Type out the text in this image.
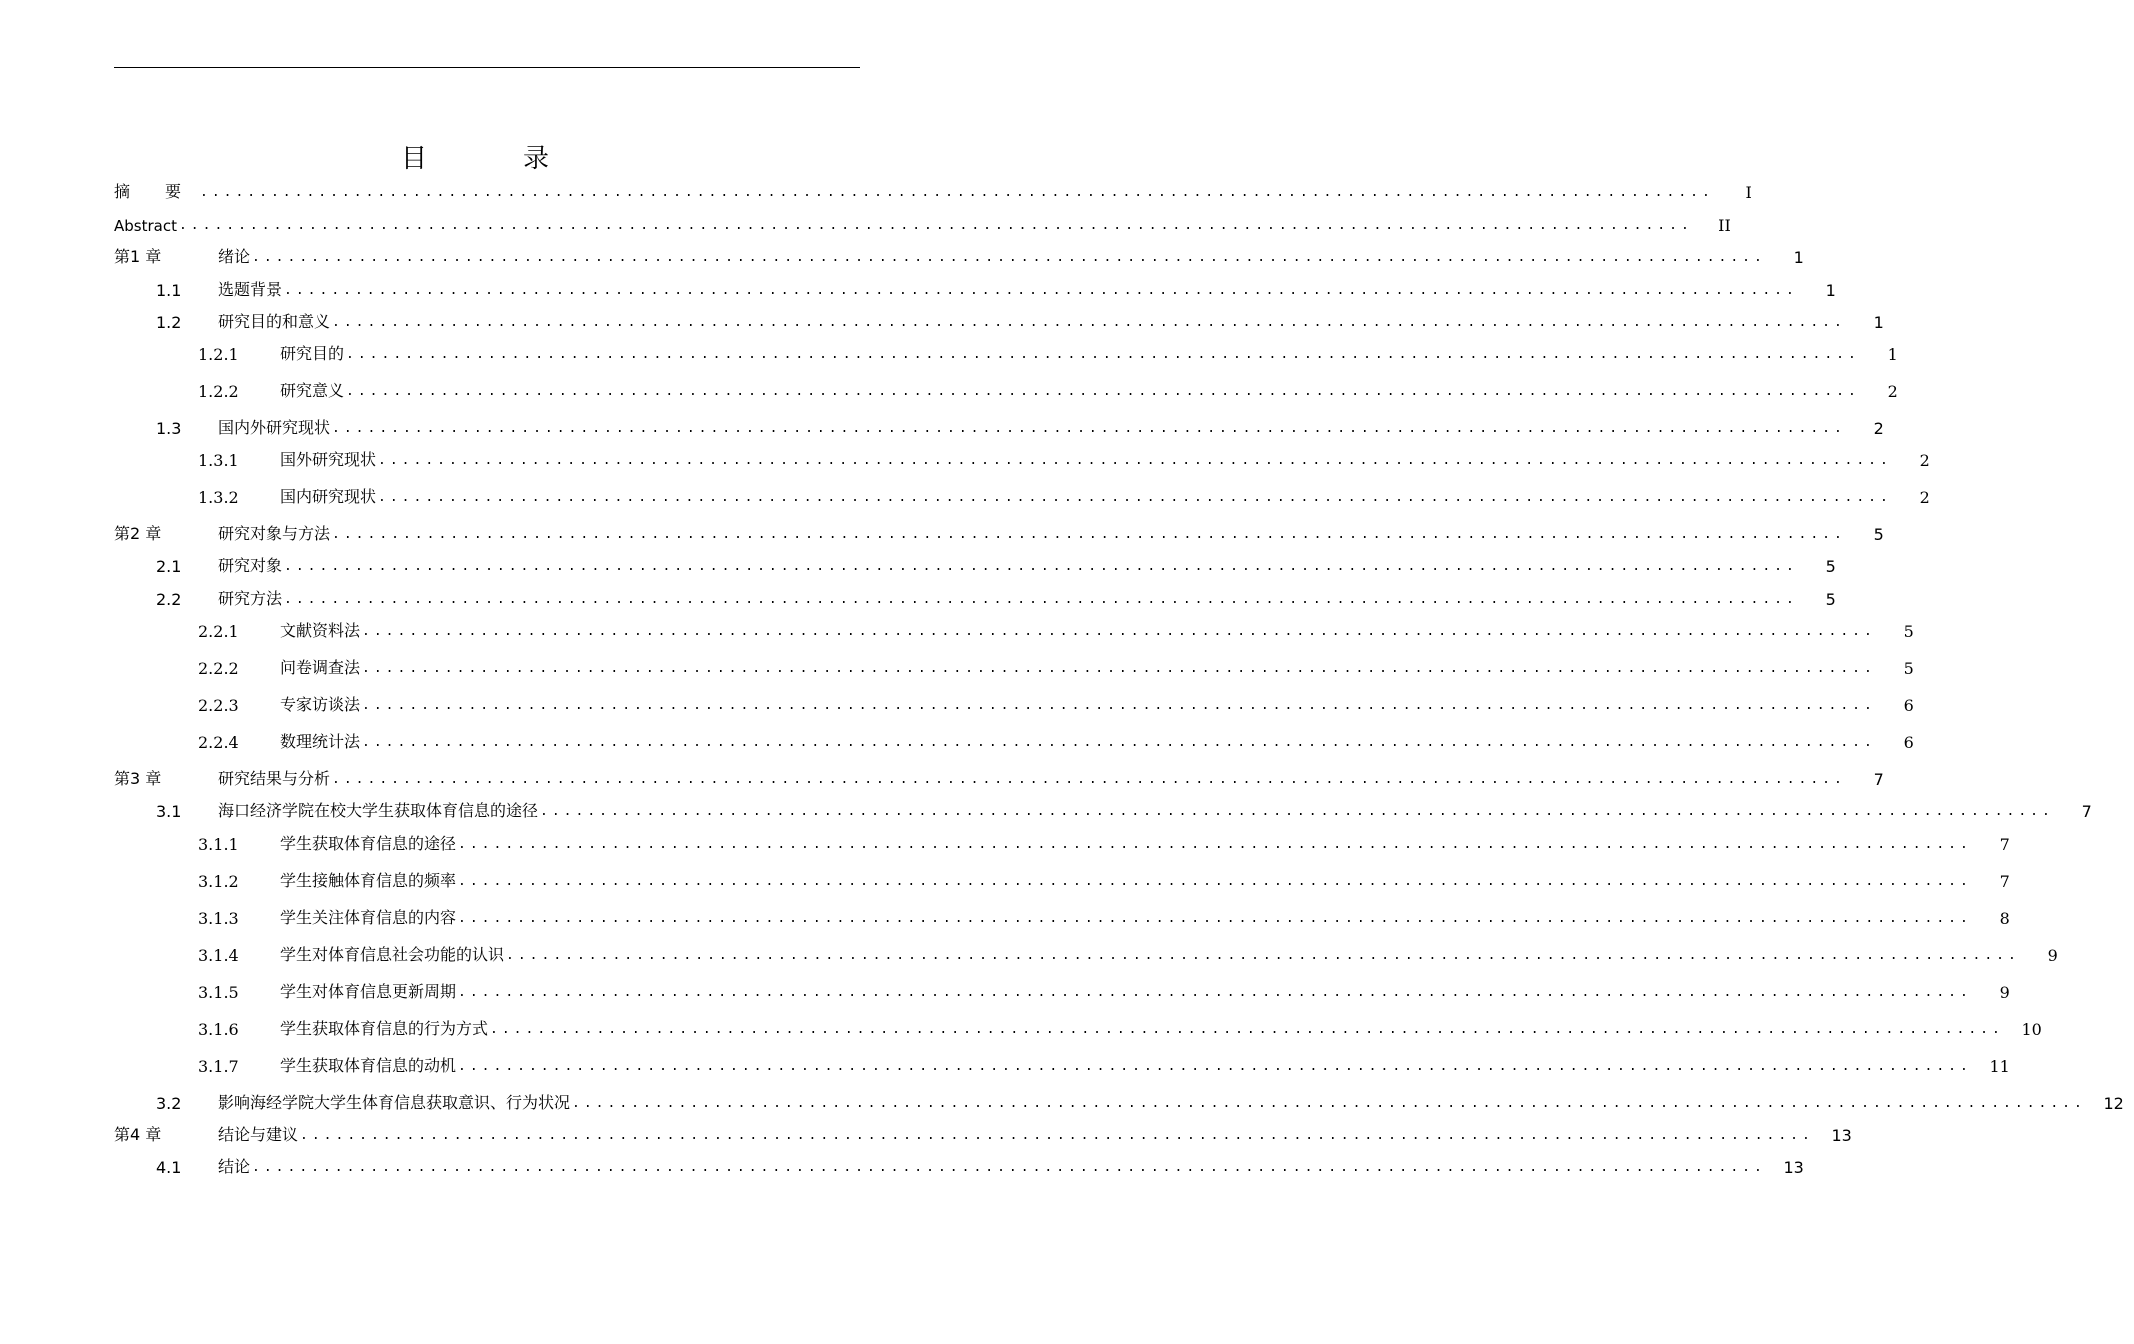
目	录
摘　　要	................................................................................................................................	I
Abstract ................................................................................................................................	II
第1 章	绪论 ................................................................................................................................	1
1.1	选题背景 ................................................................................................................................	1
1.2	研究目的和意义 ................................................................................................................................	1
1.2.1	研究目的 ................................................................................................................................	1
1.2.2	研究意义 ................................................................................................................................	2
1.3	国内外研究现状 ................................................................................................................................	2
1.3.1	国外研究现状 ................................................................................................................................	2
1.3.2	国内研究现状 ................................................................................................................................	2
第2 章	研究对象与方法 ................................................................................................................................	5
2.1	研究对象 ................................................................................................................................	5
2.2	研究方法 ................................................................................................................................	5
2.2.1	文献资料法 ................................................................................................................................	5
2.2.2	问卷调查法 ................................................................................................................................	5
2.2.3	专家访谈法 ................................................................................................................................	6
2.2.4	数理统计法 ................................................................................................................................	6
第3 章	研究结果与分析 ................................................................................................................................	7
3.1	海口经济学院在校大学生获取体育信息的途径 ................................................................................................................................	7
3.1.1	学生获取体育信息的途径 ................................................................................................................................	7
3.1.2	学生接触体育信息的频率 ................................................................................................................................	7
3.1.3	学生关注体育信息的内容 ................................................................................................................................	8
3.1.4	学生对体育信息社会功能的认识 ................................................................................................................................	9
3.1.5	学生对体育信息更新周期 ................................................................................................................................	9
3.1.6	学生获取体育信息的行为方式 ................................................................................................................................	10
3.1.7	学生获取体育信息的动机 ................................................................................................................................	11
3.2	影响海经学院大学生体育信息获取意识、行为状况 ................................................................................................................................	12
第4 章	结论与建议 ................................................................................................................................	13
4.1	结论 ................................................................................................................................	13
